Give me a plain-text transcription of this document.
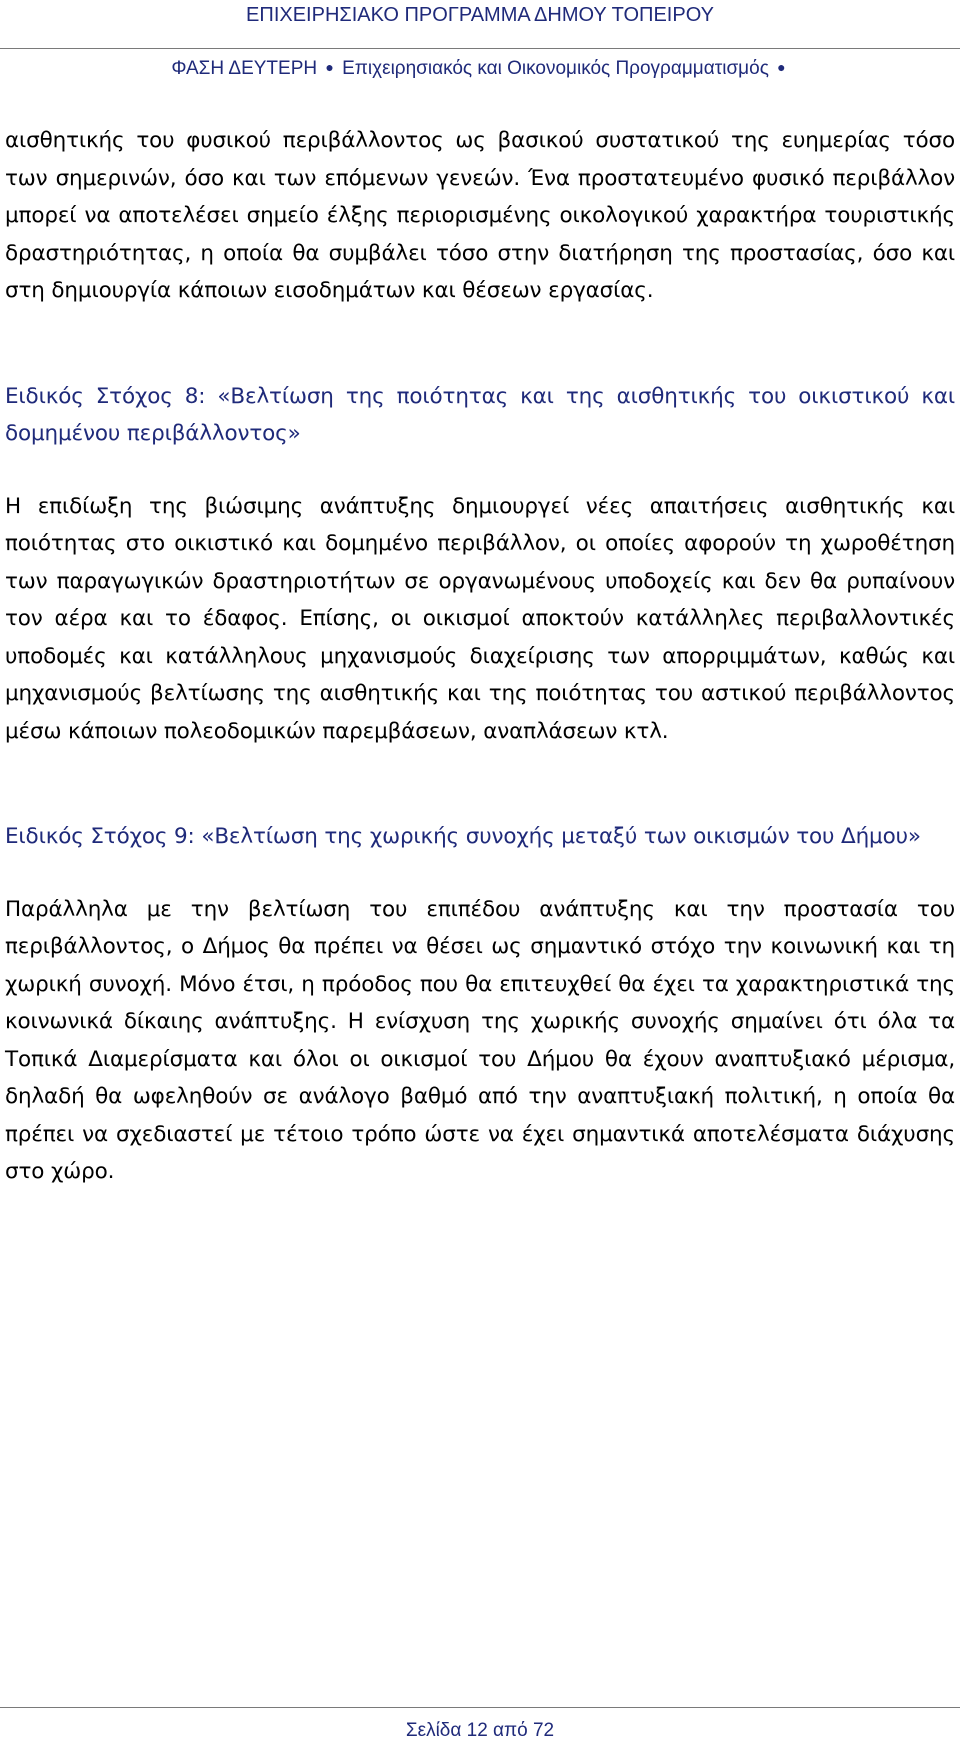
ΕΠΙΧΕΙΡΗΣΙΑΚΟ ΠΡΟΓΡΑΜΜΑ ΔΗΜΟΥ ΤΟΠΕΙΡΟΥ
ΦΑΣΗ ΔΕΥΤΕΡΗ ● Επιχειρησιακός και Οικονομικός Προγραμματισμός ●

αισθητικής του φυσικού περιβάλλοντος ως βασικού συστατικού της ευημερίας τόσο των σημερινών, όσο και των επόμενων γενεών. Ένα προστατευμένο φυσικό περιβάλλον μπορεί να αποτελέσει σημείο έλξης περιορισμένης οικολογικού χαρακτήρα τουριστικής δραστηριότητας, η οποία θα συμβάλει τόσο στην διατήρηση της προστασίας, όσο και στη δημιουργία κάποιων εισοδημάτων και θέσεων εργασίας.

Ειδικός Στόχος 8: «Βελτίωση της ποιότητας και της αισθητικής του οικιστικού και δομημένου περιβάλλοντος»

Η επιδίωξη της βιώσιμης ανάπτυξης δημιουργεί νέες απαιτήσεις αισθητικής και ποιότητας στο οικιστικό και δομημένο περιβάλλον, οι οποίες αφορούν τη χωροθέτηση των παραγωγικών δραστηριοτήτων σε οργανωμένους υποδοχείς και δεν θα ρυπαίνουν τον αέρα και το έδαφος. Επίσης, οι οικισμοί αποκτούν κατάλληλες περιβαλλοντικές υποδομές και κατάλληλους μηχανισμούς διαχείρισης των απορριμμάτων, καθώς και μηχανισμούς βελτίωσης της αισθητικής και της ποιότητας του αστικού περιβάλλοντος μέσω κάποιων πολεοδομικών παρεμβάσεων, αναπλάσεων κτλ.

Ειδικός Στόχος 9: «Βελτίωση της χωρικής συνοχής μεταξύ των οικισμών του Δήμου»

Παράλληλα με την βελτίωση του επιπέδου ανάπτυξης και την προστασία του περιβάλλοντος, ο Δήμος θα πρέπει να θέσει ως σημαντικό στόχο την κοινωνική και τη χωρική συνοχή. Μόνο έτσι, η πρόοδος που θα επιτευχθεί θα έχει τα χαρακτηριστικά της κοινωνικά δίκαιης ανάπτυξης. Η ενίσχυση της χωρικής συνοχής σημαίνει ότι όλα τα Τοπικά Διαμερίσματα και όλοι οι οικισμοί του Δήμου θα έχουν αναπτυξιακό μέρισμα, δηλαδή θα ωφεληθούν σε ανάλογο βαθμό από την αναπτυξιακή πολιτική, η οποία θα πρέπει να σχεδιαστεί με τέτοιο τρόπο ώστε να έχει σημαντικά αποτελέσματα διάχυσης στο χώρο.

Σελίδα 12 από 72
